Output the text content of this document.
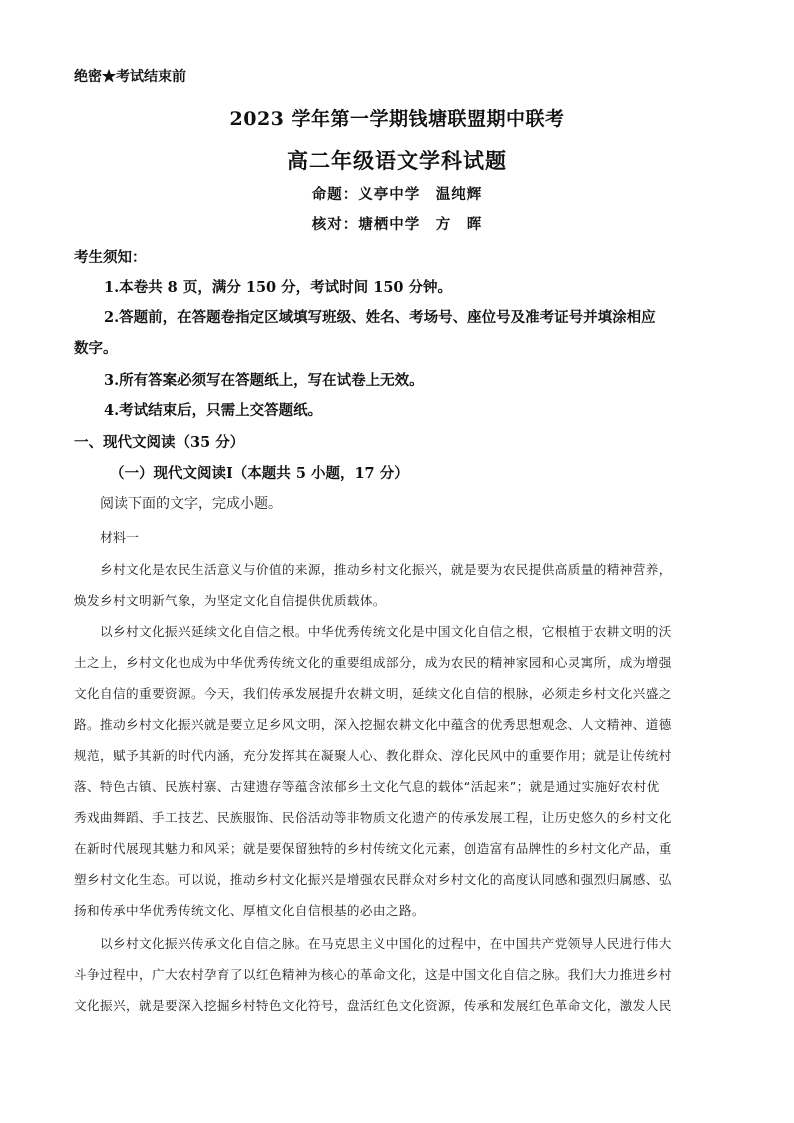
绝密★考试结束前
2023 学年第一学期钱塘联盟期中联考
高二年级语文学科试题
命题：义亭中学　温纯辉
核对：塘栖中学　方　晖
考生须知：
1.本卷共 8 页，满分 150 分，考试时间 150 分钟。
2.答题前，在答题卷指定区域填写班级、姓名、考场号、座位号及准考证号并填涂相应
数字。
3.所有答案必须写在答题纸上，写在试卷上无效。
4.考试结束后，只需上交答题纸。
一、现代文阅读（35 分）
（一）现代文阅读Ⅰ（本题共 5 小题，17 分）
阅读下面的文字，完成小题。
材料一
乡村文化是农民生活意义与价值的来源，推动乡村文化振兴，就是要为农民提供高质量的精神营养，
焕发乡村文明新气象，为坚定文化自信提供优质载体。
以乡村文化振兴延续文化自信之根。中华优秀传统文化是中国文化自信之根，它根植于农耕文明的沃
土之上，乡村文化也成为中华优秀传统文化的重要组成部分，成为农民的精神家园和心灵寓所，成为增强
文化自信的重要资源。今天，我们传承发展提升农耕文明，延续文化自信的根脉，必须走乡村文化兴盛之
路。推动乡村文化振兴就是要立足乡风文明，深入挖掘农耕文化中蕴含的优秀思想观念、人文精神、道德
规范，赋予其新的时代内涵，充分发挥其在凝聚人心、教化群众、淳化民风中的重要作用；就是让传统村
落、特色古镇、民族村寨、古建遗存等蕴含浓郁乡土文化气息的载体“活起来”；就是通过实施好农村优
秀戏曲舞蹈、手工技艺、民族服饰、民俗活动等非物质文化遗产的传承发展工程，让历史悠久的乡村文化
在新时代展现其魅力和风采；就是要保留独特的乡村传统文化元素，创造富有品牌性的乡村文化产品，重
塑乡村文化生态。可以说，推动乡村文化振兴是增强农民群众对乡村文化的高度认同感和强烈归属感、弘
扬和传承中华优秀传统文化、厚植文化自信根基的必由之路。
以乡村文化振兴传承文化自信之脉。在马克思主义中国化的过程中，在中国共产党领导人民进行伟大
斗争过程中，广大农村孕育了以红色精神为核心的革命文化，这是中国文化自信之脉。我们大力推进乡村
文化振兴，就是要深入挖掘乡村特色文化符号，盘活红色文化资源，传承和发展红色革命文化，激发人民
